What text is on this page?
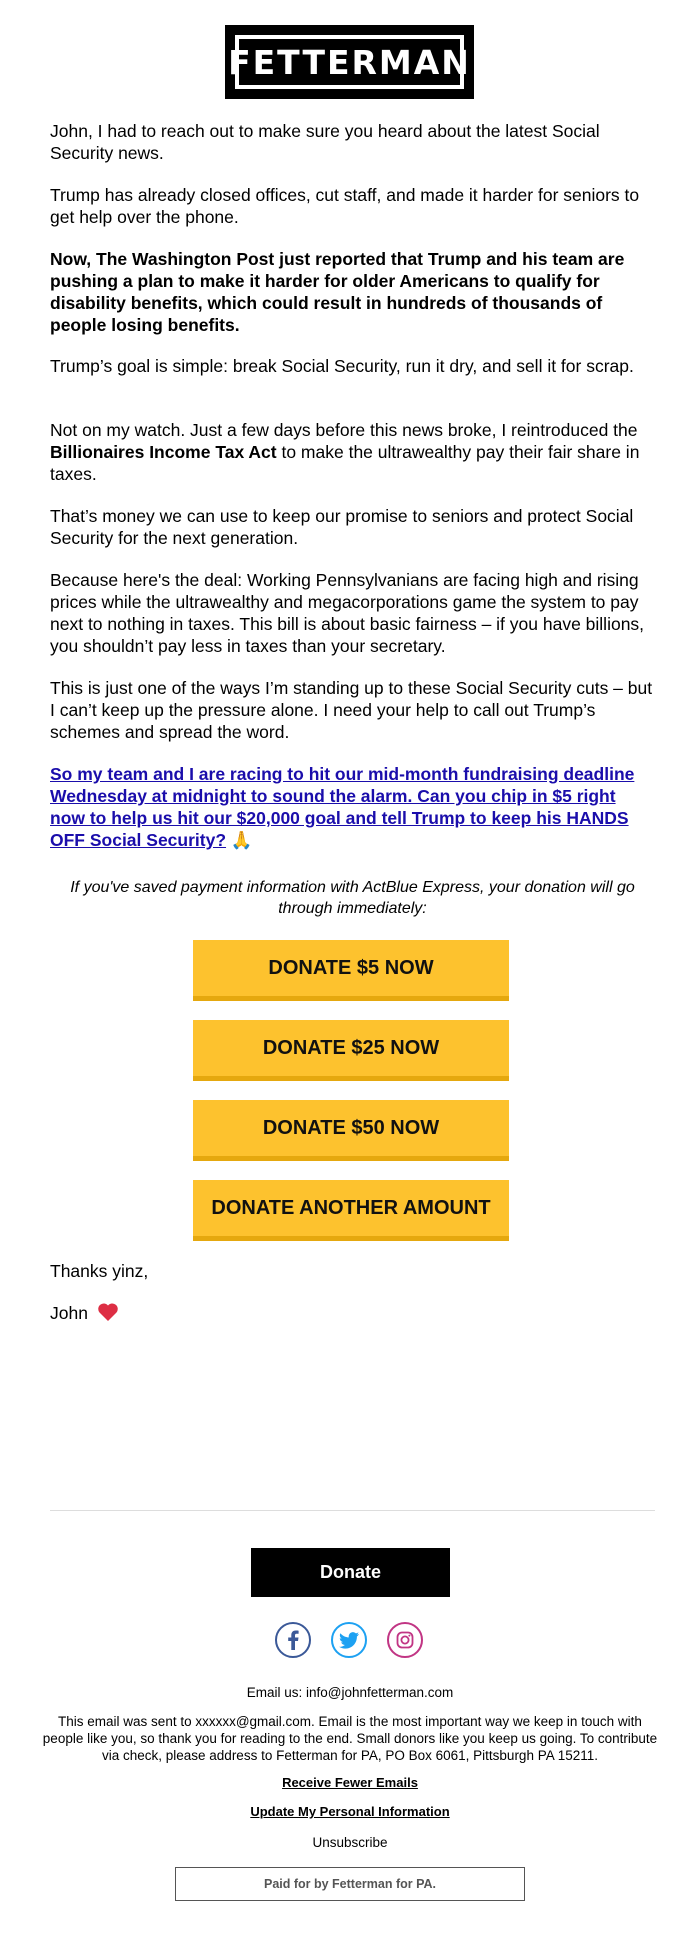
FETTERMAN

John, I had to reach out to make sure you heard about the latest Social Security news.

Trump has already closed offices, cut staff, and made it harder for seniors to get help over the phone.

Now, The Washington Post just reported that Trump and his team are pushing a plan to make it harder for older Americans to qualify for disability benefits, which could result in hundreds of thousands of people losing benefits.

Trump’s goal is simple: break Social Security, run it dry, and sell it for scrap.

Not on my watch. Just a few days before this news broke, I reintroduced the Billionaires Income Tax Act to make the ultrawealthy pay their fair share in taxes.

That’s money we can use to keep our promise to seniors and protect Social Security for the next generation.

Because here's the deal: Working Pennsylvanians are facing high and rising prices while the ultrawealthy and megacorporations game the system to pay next to nothing in taxes. This bill is about basic fairness – if you have billions, you shouldn’t pay less in taxes than your secretary.

This is just one of the ways I’m standing up to these Social Security cuts – but I can’t keep up the pressure alone. I need your help to call out Trump’s schemes and spread the word.

So my team and I are racing to hit our mid-month fundraising deadline Wednesday at midnight to sound the alarm. Can you chip in $5 right now to help us hit our $20,000 goal and tell Trump to keep his HANDS OFF Social Security? 🙏

If you've saved payment information with ActBlue Express, your donation will go through immediately:
DONATE $5 NOW
DONATE $25 NOW
DONATE $50 NOW
DONATE ANOTHER AMOUNT
Thanks yinz,
John
Donate
Email us: info@johnfetterman.com
This email was sent to xxxxxx@gmail.com. Email is the most important way we keep in touch with people like you, so thank you for reading to the end. Small donors like you keep us going. To contribute via check, please address to Fetterman for PA, PO Box 6061, Pittsburgh PA 15211.
Receive Fewer Emails
Update My Personal Information
Unsubscribe
Paid for by Fetterman for PA.
